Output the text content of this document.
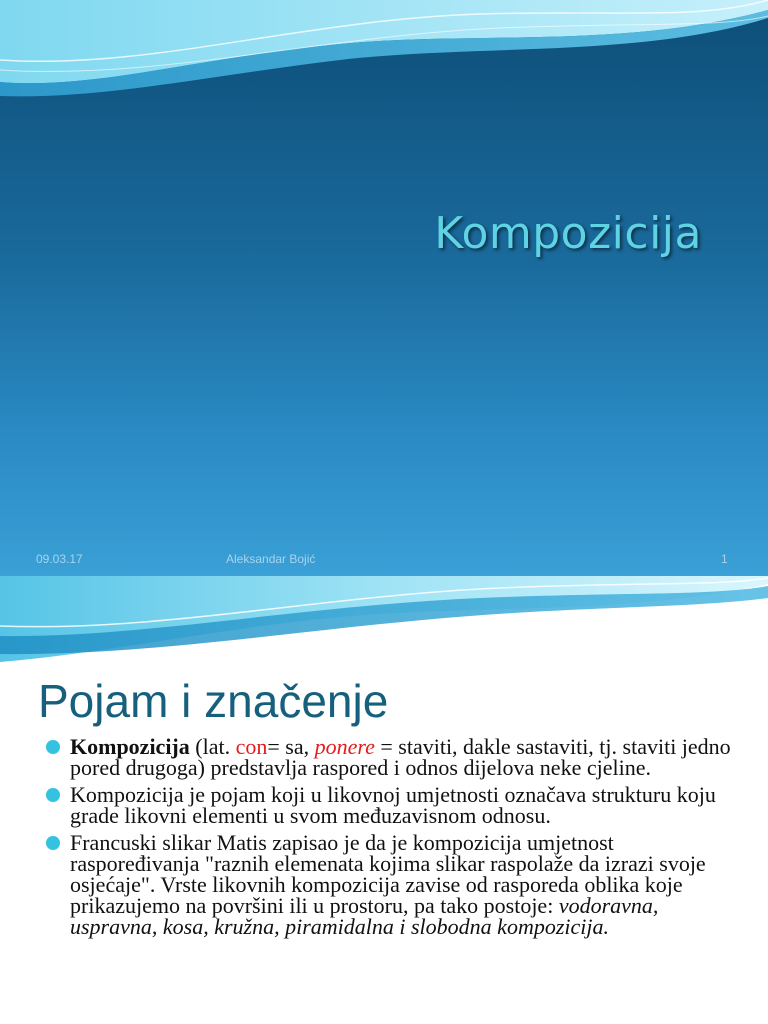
Kompozicija
09.03.17	Aleksandar Bojić	1
Pojam i značenje
Kompozicija (lat. con= sa, ponere = staviti, dakle sastaviti, tj. staviti jedno pored drugoga) predstavlja raspored i odnos dijelova neke cjeline.
Kompozicija je pojam koji u likovnoj umjetnosti označava strukturu koju grade likovni elementi u svom međuzavisnom odnosu.
Francuski slikar Matis zapisao je da je kompozicija umjetnost raspoređivanja "raznih elemenata kojima slikar raspolaže da izrazi svoje osjećaje". Vrste likovnih kompozicija zavise od rasporeda oblika koje prikazujemo na površini ili u prostoru, pa tako postoje: vodoravna, uspravna, kosa, kružna, piramidalna i slobodna kompozicija.
